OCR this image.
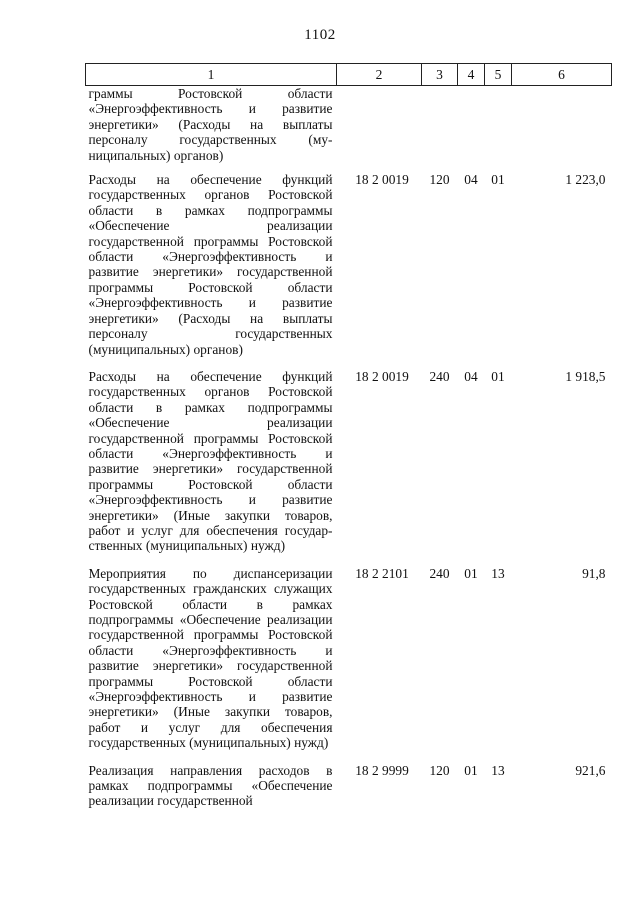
1102
1	2	3	4	5	6
граммы Ростовской области «Энергоэффективность и развитие энергетики» (Расходы на выплаты персоналу государственных (муниципальных) органов)					
Расходы на обеспечение функций государственных органов Ростовской области в рамках подпрограммы «Обеспечение реализации государственной программы Ростовской области «Энергоэффективность и развитие энергетики» государственной программы Ростовской области «Энергоэффективность и развитие энергетики» (Расходы на выплаты персоналу государственных (муниципальных) органов)	18 2 0019	120	04	01	1 223,0
Расходы на обеспечение функций государственных органов Ростовской области в рамках подпрограммы «Обеспечение реализации государственной программы Ростовской области «Энергоэффективность и развитие энергетики» государственной программы Ростовской области «Энергоэффективность и развитие энергетики» (Иные закупки товаров, работ и услуг для обеспечения государственных (муниципальных) нужд)	18 2 0019	240	04	01	1 918,5
Мероприятия по диспансеризации государственных гражданских служащих Ростовской области в рамках подпрограммы «Обеспечение реализации государственной программы Ростовской области «Энергоэффективность и развитие энергетики» государственной программы Ростовской области «Энергоэффективность и развитие энергетики» (Иные закупки товаров, работ и услуг для обеспечения государственных (муниципальных) нужд)	18 2 2101	240	01	13	91,8
Реализация направления расходов в рамках подпрограммы «Обеспечение реализации государственной	18 2 9999	120	01	13	921,6
